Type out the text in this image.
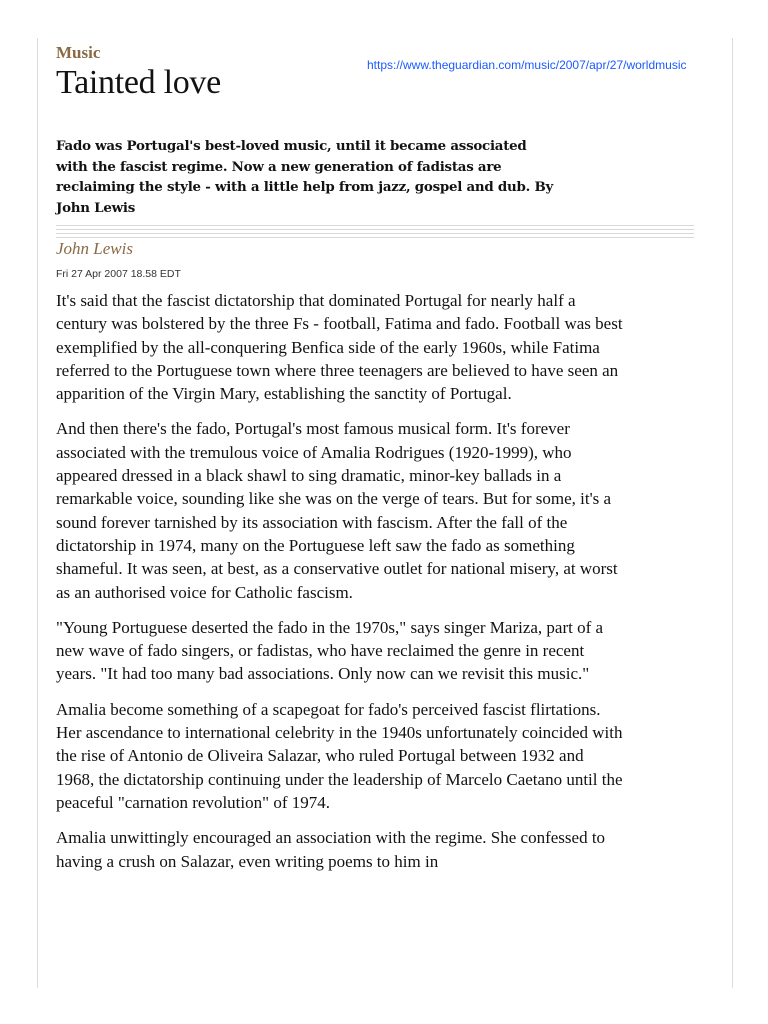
https://www.theguardian.com/music/2007/apr/27/worldmusic
Music
Tainted love

Fado was Portugal's best-loved music, until it became associated with the fascist regime. Now a new generation of fadistas are reclaiming the style - with a little help from jazz, gospel and dub. By John Lewis

John Lewis
Fri 27 Apr 2007 18.58 EDT

It's said that the fascist dictatorship that dominated Portugal for nearly half a century was bolstered by the three Fs - football, Fatima and fado. Football was best exemplified by the all-conquering Benfica side of the early 1960s, while Fatima referred to the Portuguese town where three teenagers are believed to have seen an apparition of the Virgin Mary, establishing the sanctity of Portugal.

And then there's the fado, Portugal's most famous musical form. It's forever associated with the tremulous voice of Amalia Rodrigues (1920-1999), who appeared dressed in a black shawl to sing dramatic, minor-key ballads in a remarkable voice, sounding like she was on the verge of tears. But for some, it's a sound forever tarnished by its association with fascism. After the fall of the dictatorship in 1974, many on the Portuguese left saw the fado as something shameful. It was seen, at best, as a conservative outlet for national misery, at worst as an authorised voice for Catholic fascism.

"Young Portuguese deserted the fado in the 1970s," says singer Mariza, part of a new wave of fado singers, or fadistas, who have reclaimed the genre in recent years. "It had too many bad associations. Only now can we revisit this music."

Amalia become something of a scapegoat for fado's perceived fascist flirtations. Her ascendance to international celebrity in the 1940s unfortunately coincided with the rise of Antonio de Oliveira Salazar, who ruled Portugal between 1932 and 1968, the dictatorship continuing under the leadership of Marcelo Caetano until the peaceful "carnation revolution" of 1974.

Amalia unwittingly encouraged an association with the regime. She confessed to having a crush on Salazar, even writing poems to him in
